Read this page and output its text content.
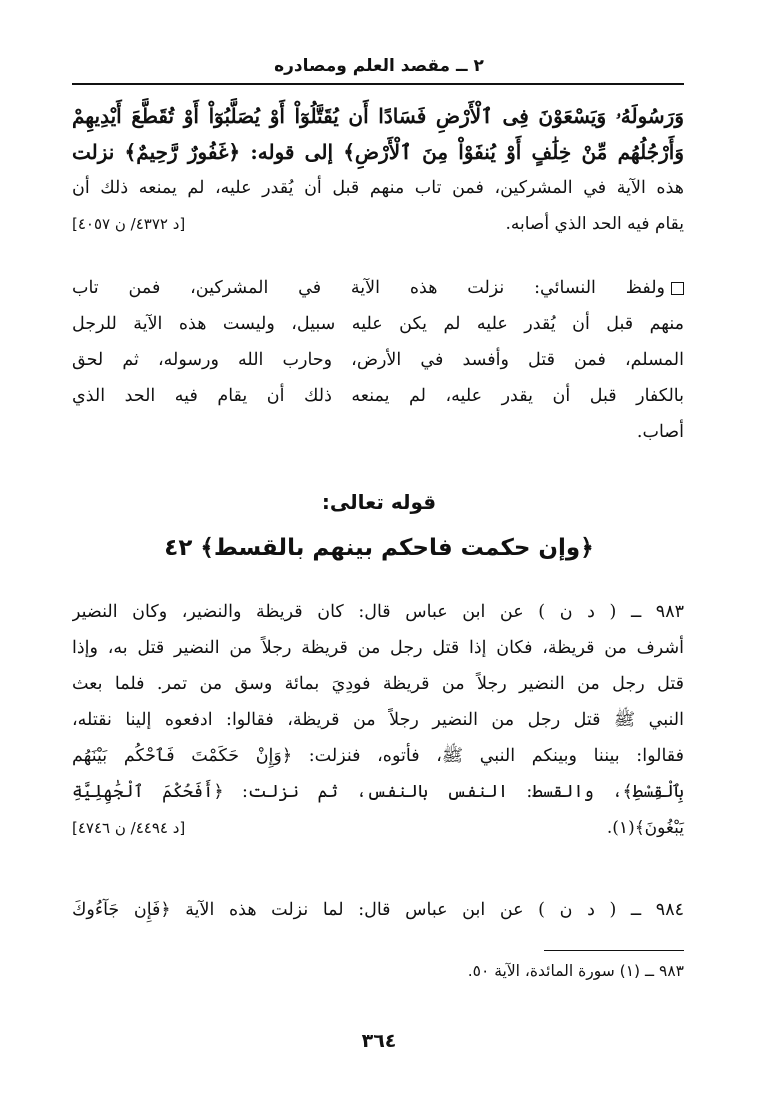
٢ ــ مقصد العلم ومصادره
وَرَسُولَهُۥ وَيَسْعَوْنَ فِى ٱلْأَرْضِ فَسَادًا أَن يُقَتَّلُوٓاْ أَوْ يُصَلَّبُوٓاْ أَوْ تُقَطَّعَ أَيْدِيهِمْ
وَأَرْجُلُهُم مِّنْ خِلَٰفٍ أَوْ يُنفَوْاْ مِنَ ٱلْأَرْضِ﴾ إلى قوله: ﴿غَفُورٌ رَّحِيمٌ﴾ نزلت
هذه الآية في المشركين، فمن تاب منهم قبل أن يُقدر عليه، لم يمنعه ذلك أن
يقام فيه الحد الذي أصابه.
[د ٤٣٧٢/ ن ٤٠٥٧]
ولفظ النسائي: نزلت هذه الآية في المشركين، فمن تاب
منهم قبل أن يُقدر عليه لم يكن عليه سبيل، وليست هذه الآية للرجل
المسلم، فمن قتل وأفسد في الأرض، وحارب الله ورسوله، ثم لحق
بالكفار قبل أن يقدر عليه، لم يمنعه ذلك أن يقام فيه الحد الذي
أصاب.
قوله تعالى:
﴿وإن حكمت فاحكم بينهم بالقسط﴾ ٤٢
٩٨٣ ــ ( د ن ) عن ابن عباس قال: كان قريظة والنضير، وكان النضير
أشرف من قريظة، فكان إذا قتل رجل من قريظة رجلاً من النضير قتل به، وإذا
قتل رجل من النضير رجلاً من قريظة فودِيَ بمائة وسق من تمر. فلما بعث
النبي ﷺ قتل رجل من النضير رجلاً من قريظة، فقالوا: ادفعوه إلينا نقتله،
فقالوا: بيننا وبينكم النبي ﷺ، فأتوه، فنزلت: ﴿وَإِنْ حَكَمْتَ فَٱحْكُم بَيْنَهُم
بِٱلْقِسْطِ﴾، والقسط: النفس بالنفس، ثم نزلت: ﴿أَفَحُكْمَ ٱلْجَٰهِلِيَّةِ
يَبْغُونَ﴾(١).
[د ٤٤٩٤/ ن ٤٧٤٦]
٩٨٤ ــ ( د ن ) عن ابن عباس قال: لما نزلت هذه الآية ﴿فَإِن جَآءُوكَ
٩٨٣ ــ (١) سورة المائدة، الآية ٥٠.
٣٦٤
